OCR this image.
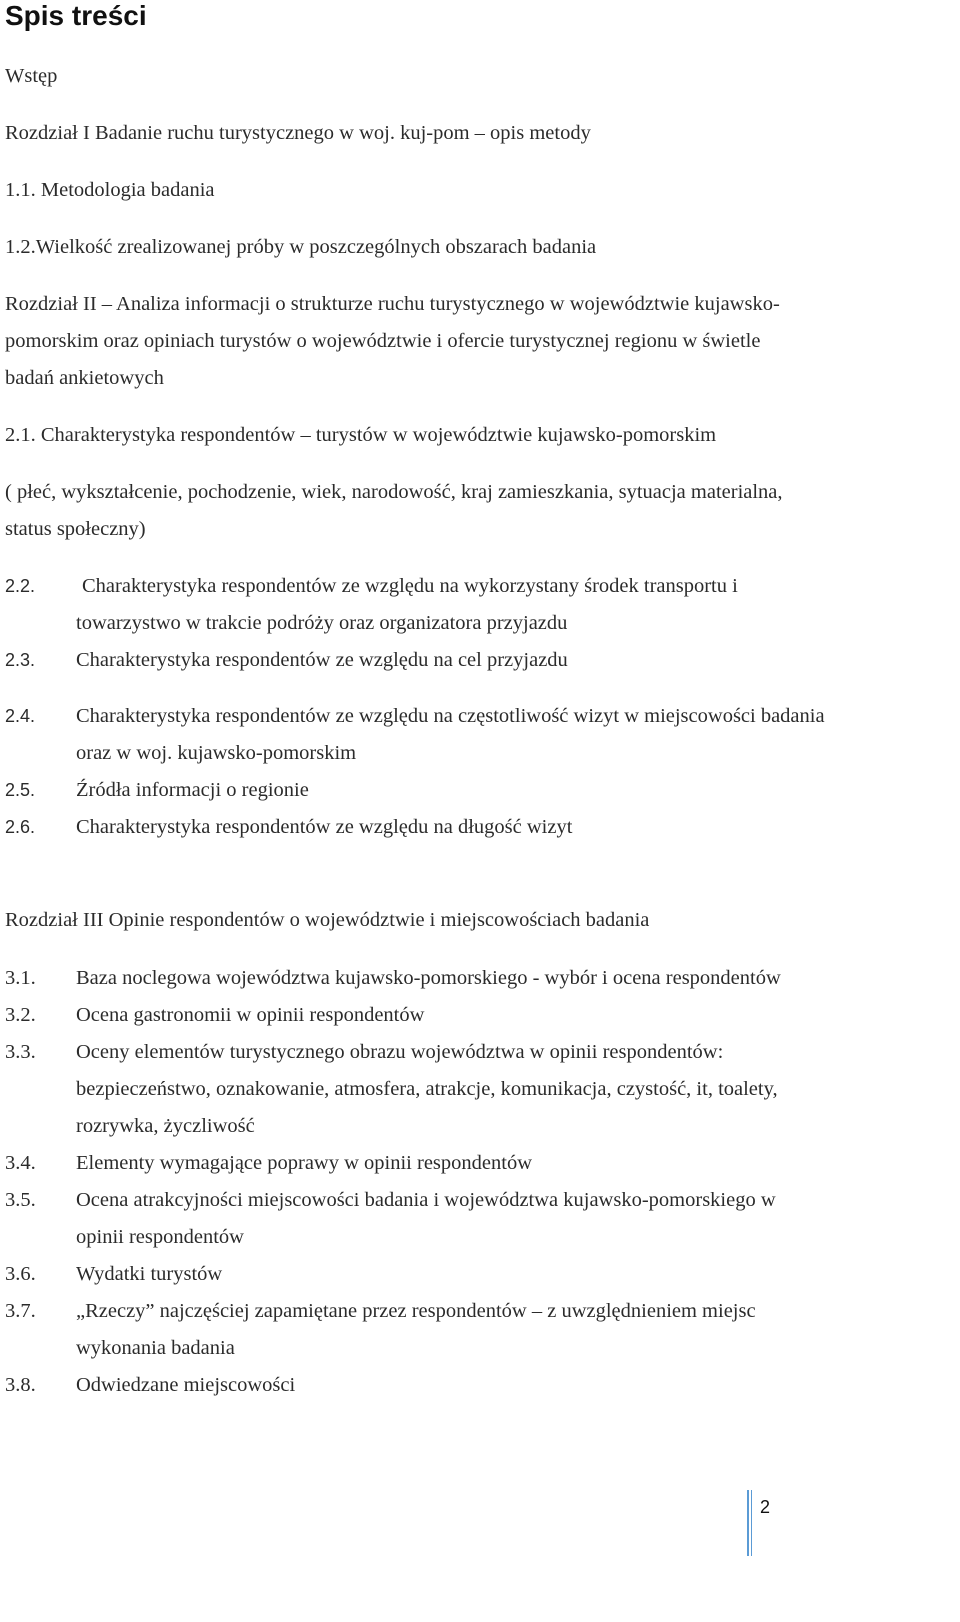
Spis treści
Wstęp
Rozdział I Badanie ruchu turystycznego w woj. kuj-pom – opis metody
1.1. Metodologia badania
1.2.Wielkość zrealizowanej próby w poszczególnych obszarach badania
Rozdział II – Analiza informacji o strukturze ruchu turystycznego w województwie kujawsko-
pomorskim oraz opiniach turystów o województwie i ofercie turystycznej regionu w świetle
badań ankietowych
2.1. Charakterystyka respondentów – turystów w województwie kujawsko-pomorskim
( płeć, wykształcenie, pochodzenie, wiek, narodowość, kraj zamieszkania, sytuacja materialna,
status społeczny)
2.2.	Charakterystyka respondentów ze względu na wykorzystany środek transportu i
towarzystwo w trakcie podróży oraz organizatora przyjazdu
2.3.	Charakterystyka respondentów ze względu na cel przyjazdu
2.4.	Charakterystyka respondentów ze względu na częstotliwość wizyt w miejscowości badania
oraz w woj. kujawsko-pomorskim
2.5.	Źródła informacji o regionie
2.6.	Charakterystyka respondentów ze względu na długość wizyt
Rozdział III Opinie respondentów o województwie i miejscowościach badania
3.1.	Baza noclegowa województwa kujawsko-pomorskiego - wybór i ocena respondentów
3.2.	Ocena gastronomii w opinii respondentów
3.3.	Oceny elementów turystycznego obrazu województwa w opinii respondentów:
bezpieczeństwo, oznakowanie, atmosfera, atrakcje, komunikacja, czystość, it, toalety,
rozrywka, życzliwość
3.4.	Elementy wymagające poprawy w opinii respondentów
3.5.	Ocena atrakcyjności miejscowości badania i województwa kujawsko-pomorskiego w
opinii respondentów
3.6.	Wydatki turystów
3.7.	„Rzeczy” najczęściej zapamiętane przez respondentów – z uwzględnieniem miejsc
wykonania badania
3.8.	Odwiedzane miejscowości
2
